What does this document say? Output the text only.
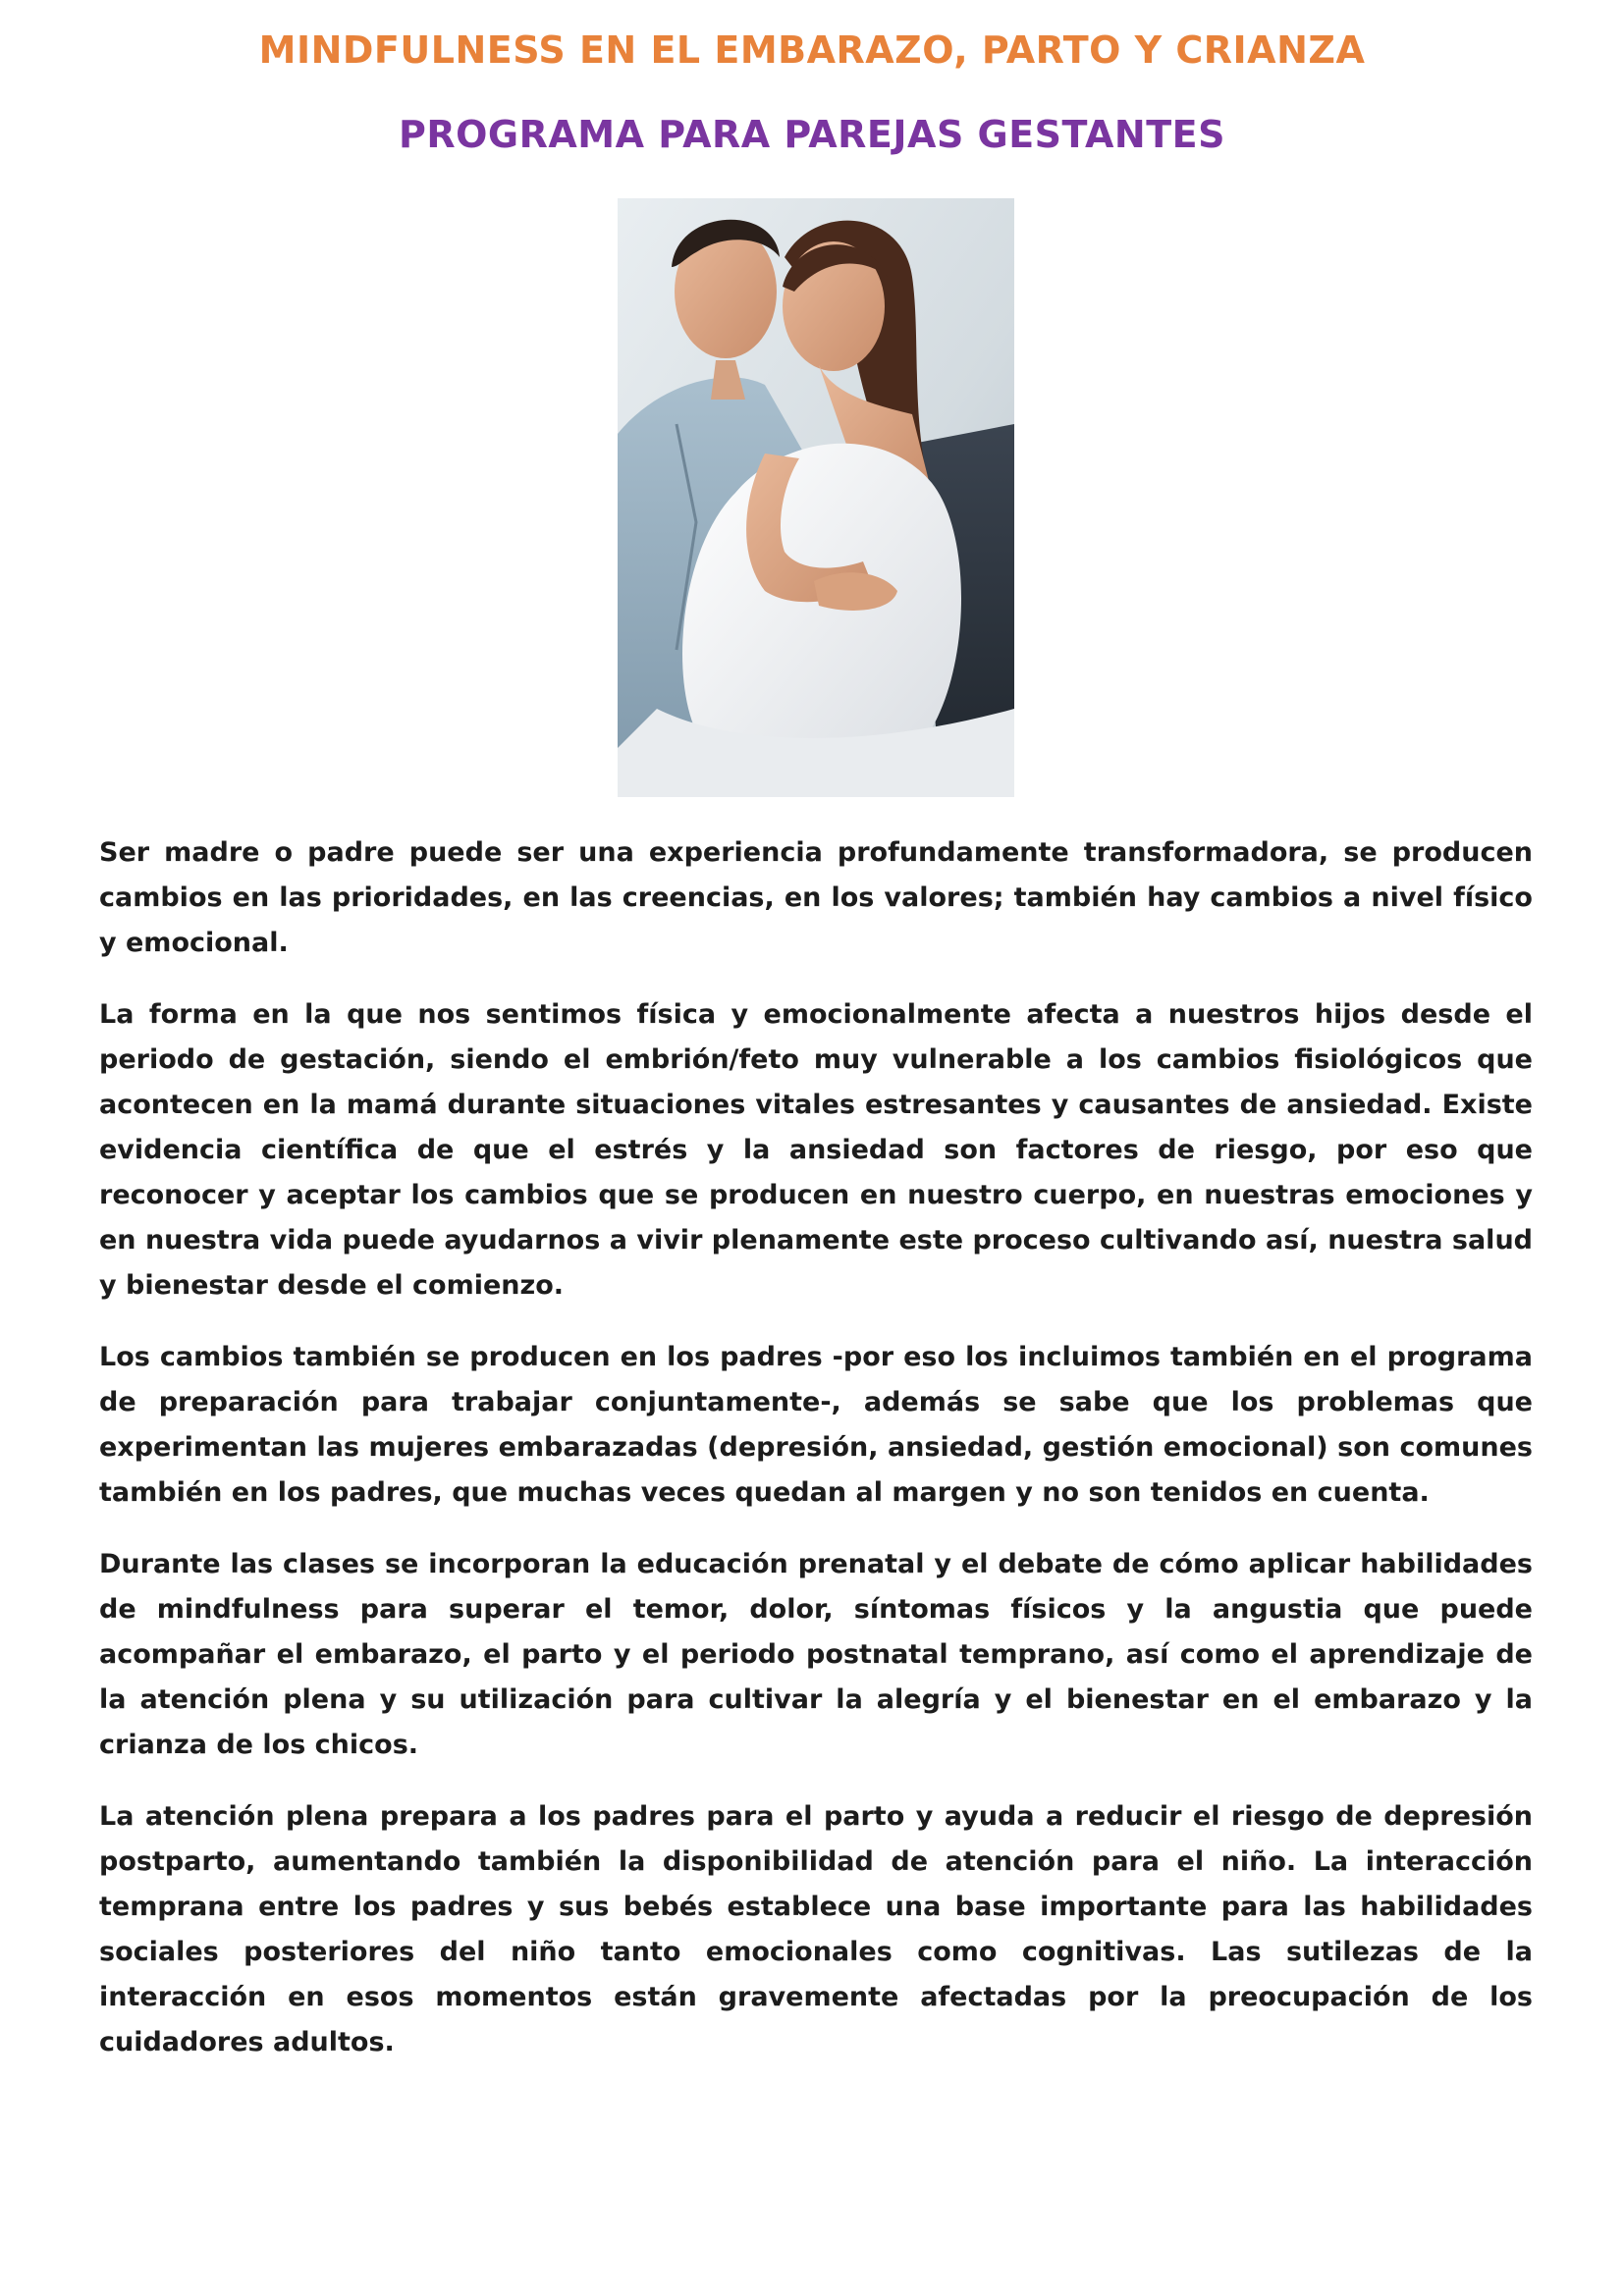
MINDFULNESS EN EL EMBARAZO, PARTO Y CRIANZA
PROGRAMA PARA PAREJAS GESTANTES

Ser madre o padre puede ser una experiencia profundamente transformadora, se producen cambios en las prioridades, en las creencias, en los valores; también hay cambios a nivel físico y emocional.

La forma en la que nos sentimos física y emocionalmente afecta a nuestros hijos desde el periodo de gestación, siendo el embrión/feto muy vulnerable a los cambios fisiológicos que acontecen en la mamá durante situaciones vitales estresantes y causantes de ansiedad. Existe evidencia científica de que el estrés y la ansiedad son factores de riesgo, por eso que reconocer y aceptar los cambios que se producen en nuestro cuerpo, en nuestras emociones y en nuestra vida puede ayudarnos a vivir plenamente este proceso cultivando así, nuestra salud y bienestar desde el comienzo.

Los cambios también se producen en los padres -por eso los incluimos también en el programa de preparación para trabajar conjuntamente-, además se sabe que los problemas que experimentan las mujeres embarazadas (depresión, ansiedad, gestión emocional) son comunes también en los padres, que muchas veces quedan al margen y no son tenidos en cuenta.

Durante las clases se incorporan la educación prenatal y el debate de cómo aplicar habilidades de mindfulness para superar el temor, dolor, síntomas físicos y la angustia que puede acompañar el embarazo, el parto y el periodo postnatal temprano, así como el aprendizaje de la atención plena y su utilización para cultivar la alegría y el bienestar en el embarazo y la crianza de los chicos.

La atención plena prepara a los padres para el parto y ayuda a reducir el riesgo de depresión postparto, aumentando también la disponibilidad de atención para el niño. La interacción temprana entre los padres y sus bebés establece una base importante para las habilidades sociales posteriores del niño tanto emocionales como cognitivas. Las sutilezas de la interacción en esos momentos están gravemente afectadas por la preocupación de los cuidadores adultos.
